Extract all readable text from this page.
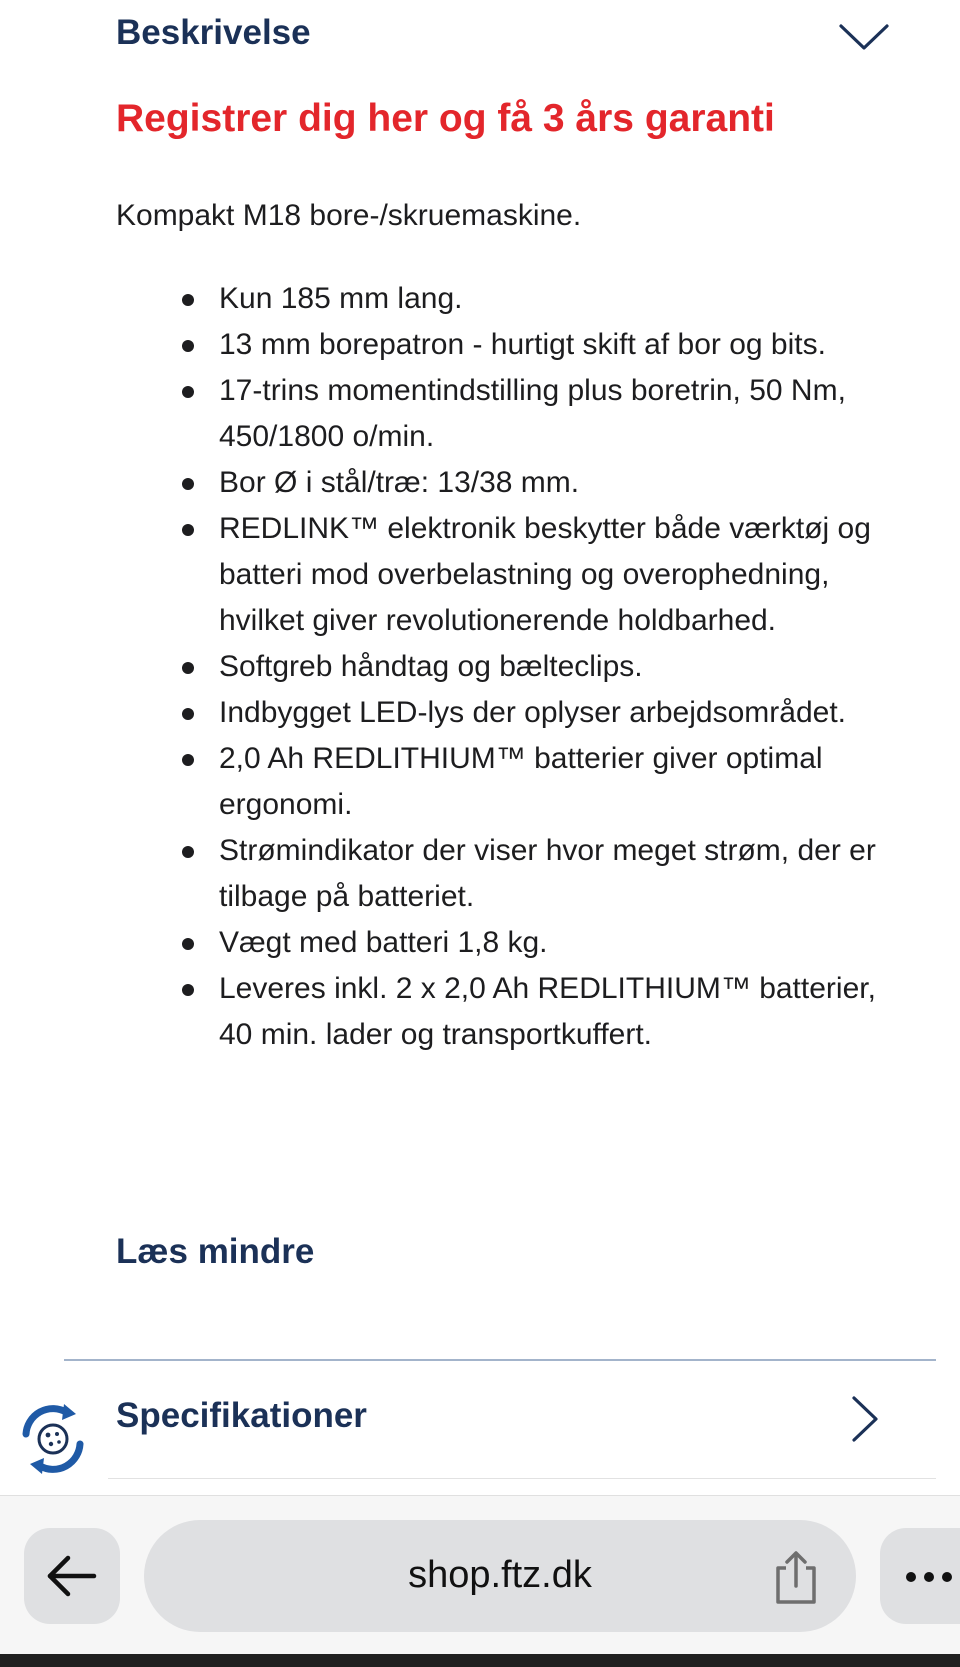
Beskrivelse

Registrer dig her og få 3 års garanti

Kompakt M18 bore-/skruemaskine.

Kun 185 mm lang.
13 mm borepatron - hurtigt skift af bor og bits.
17-trins momentindstilling plus boretrin, 50 Nm, 450/1800 o/min.
Bor Ø i stål/træ: 13/38 mm.
REDLINK™ elektronik beskytter både værktøj og batteri mod overbelastning og overophedning, hvilket giver revolutionerende holdbarhed.
Softgreb håndtag og bælteclips.
Indbygget LED-lys der oplyser arbejdsområdet.
2,0 Ah REDLITHIUM™ batterier giver optimal ergonomi.
Strømindikator der viser hvor meget strøm, der er tilbage på batteriet.
Vægt med batteri 1,8 kg.
Leveres inkl. 2 x 2,0 Ah REDLITHIUM™ batterier, 40 min. lader og transportkuffert.

Læs mindre

Specifikationer
shop.ftz.dk
